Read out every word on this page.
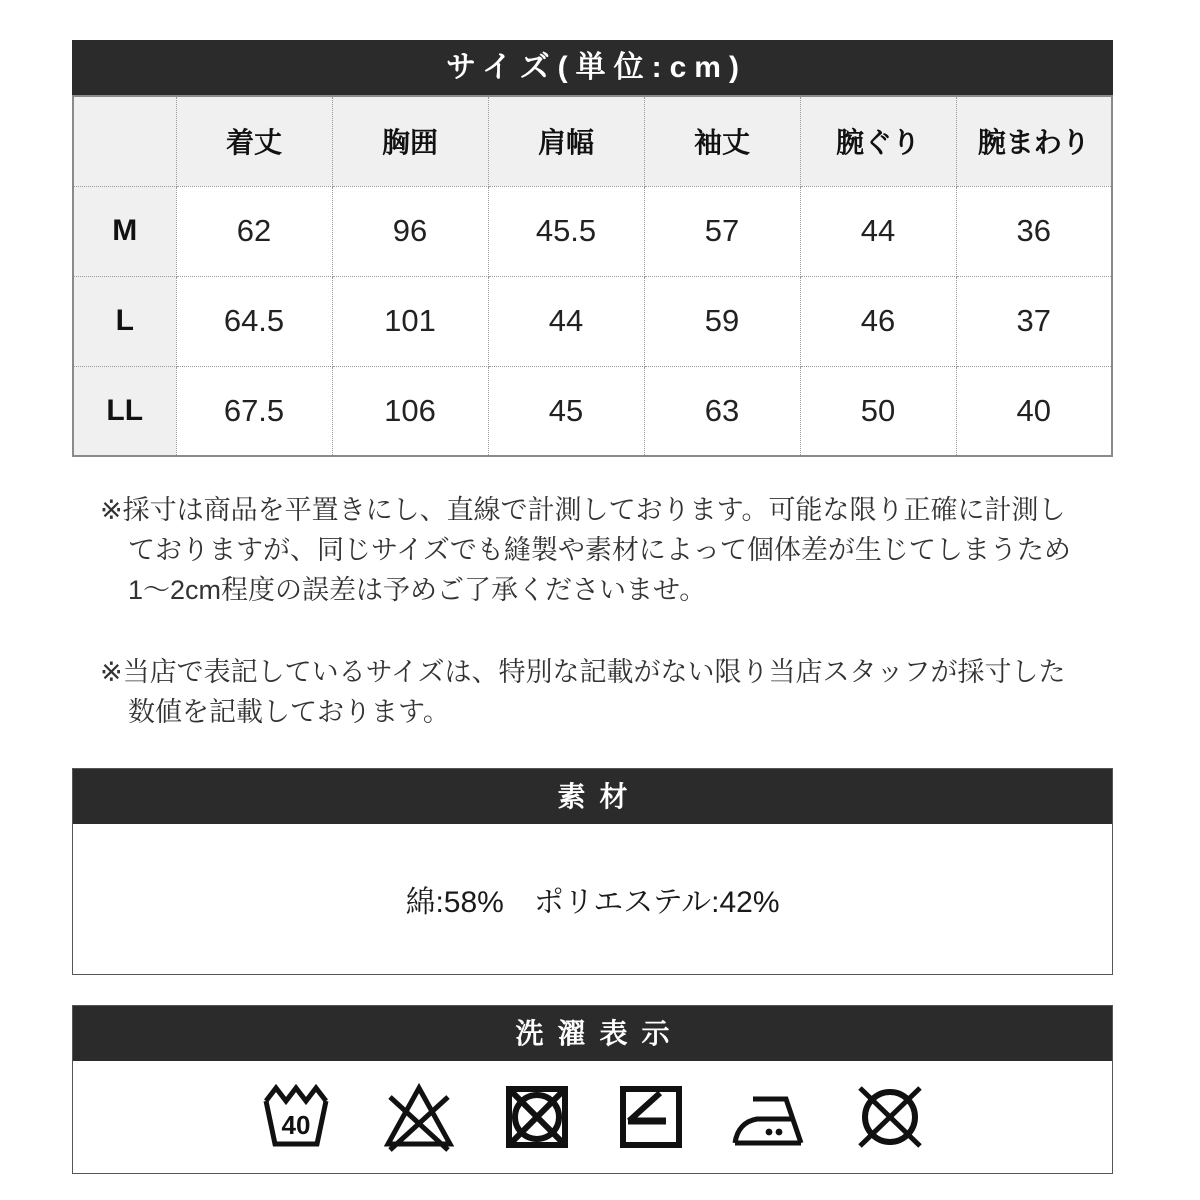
サイズ(単位:cm)
	着丈	胸囲	肩幅	袖丈	腕ぐり	腕まわり
M	62	96	45.5	57	44	36
L	64.5	101	44	59	46	37
LL	67.5	106	45	63	50	40
※採寸は商品を平置きにし、直線で計測しております。可能な限り正確に計測し
ておりますが、同じサイズでも縫製や素材によって個体差が生じてしまうため
1〜2cm程度の誤差は予めご了承くださいませ。
※当店で表記しているサイズは、特別な記載がない限り当店スタッフが採寸した
数値を記載しております。
素材
綿:58%　ポリエステル:42%
洗濯表示
40
